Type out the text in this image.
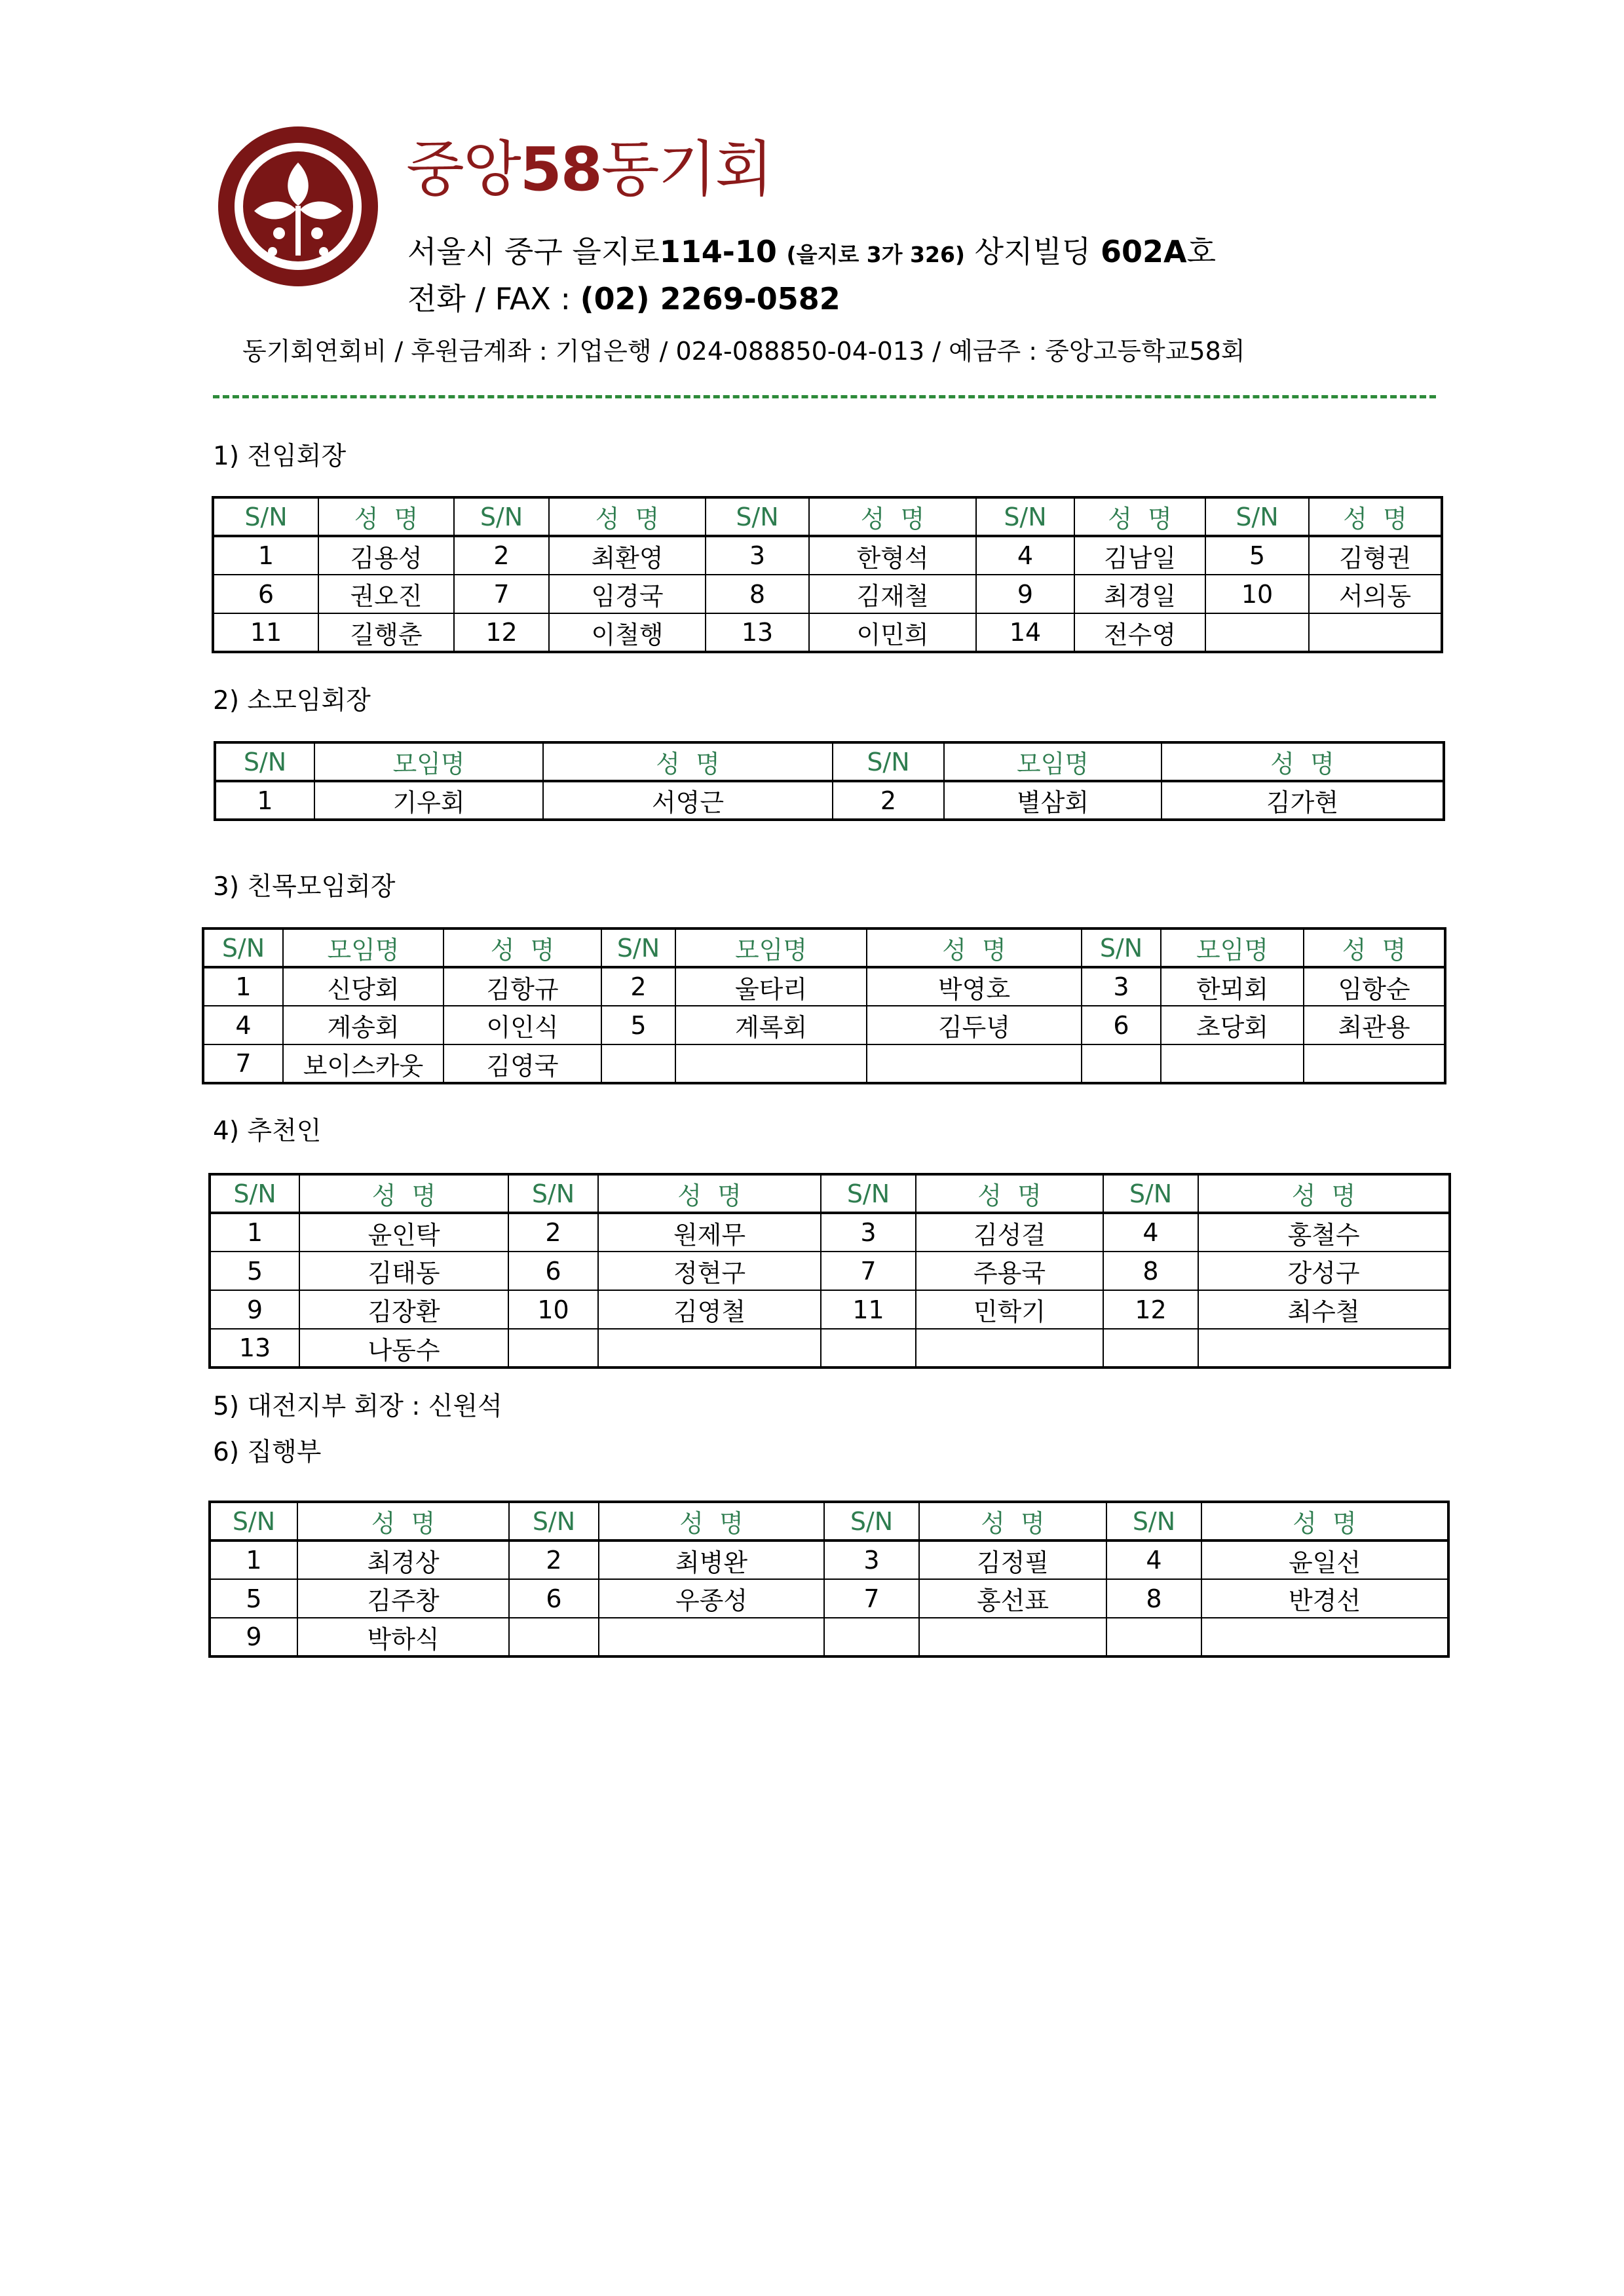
중앙58동기회
서울시 중구 을지로114-10 (을지로 3가 326) 상지빌딩 602A호
전화 / FAX : (02) 2269-0582
동기회연회비 / 후원금계좌 : 기업은행 / 024-088850-04-013 / 예금주 : 중앙고등학교58회
1) 전임회장
S/N	성  명	S/N	성  명	S/N	성  명	S/N	성  명	S/N	성  명
1	김용성	2	최환영	3	한형석	4	김남일	5	김형권
6	권오진	7	임경국	8	김재철	9	최경일	10	서의동
11	길행춘	12	이철행	13	이민희	14	전수영		
2) 소모임회장
S/N	모임명	성  명	S/N	모임명	성  명
1	기우회	서영근	2	별삼회	김가현
3) 친목모임회장
S/N	모임명	성  명	S/N	모임명	성  명	S/N	모임명	성  명
1	신당회	김항규	2	울타리	박영호	3	한뫼회	임항순
4	계송회	이인식	5	계록회	김두녕	6	초당회	최관용
7	보이스카웃	김영국						
4) 추천인
S/N	성  명	S/N	성  명	S/N	성  명	S/N	성  명
1	윤인탁	2	원제무	3	김성걸	4	홍철수
5	김태동	6	정현구	7	주용국	8	강성구
9	김장환	10	김영철	11	민학기	12	최수철
13	나동수						
5) 대전지부 회장 : 신원석
6) 집행부
S/N	성  명	S/N	성  명	S/N	성  명	S/N	성  명
1	최경상	2	최병완	3	김정필	4	윤일선
5	김주창	6	우종성	7	홍선표	8	반경선
9	박하식						
